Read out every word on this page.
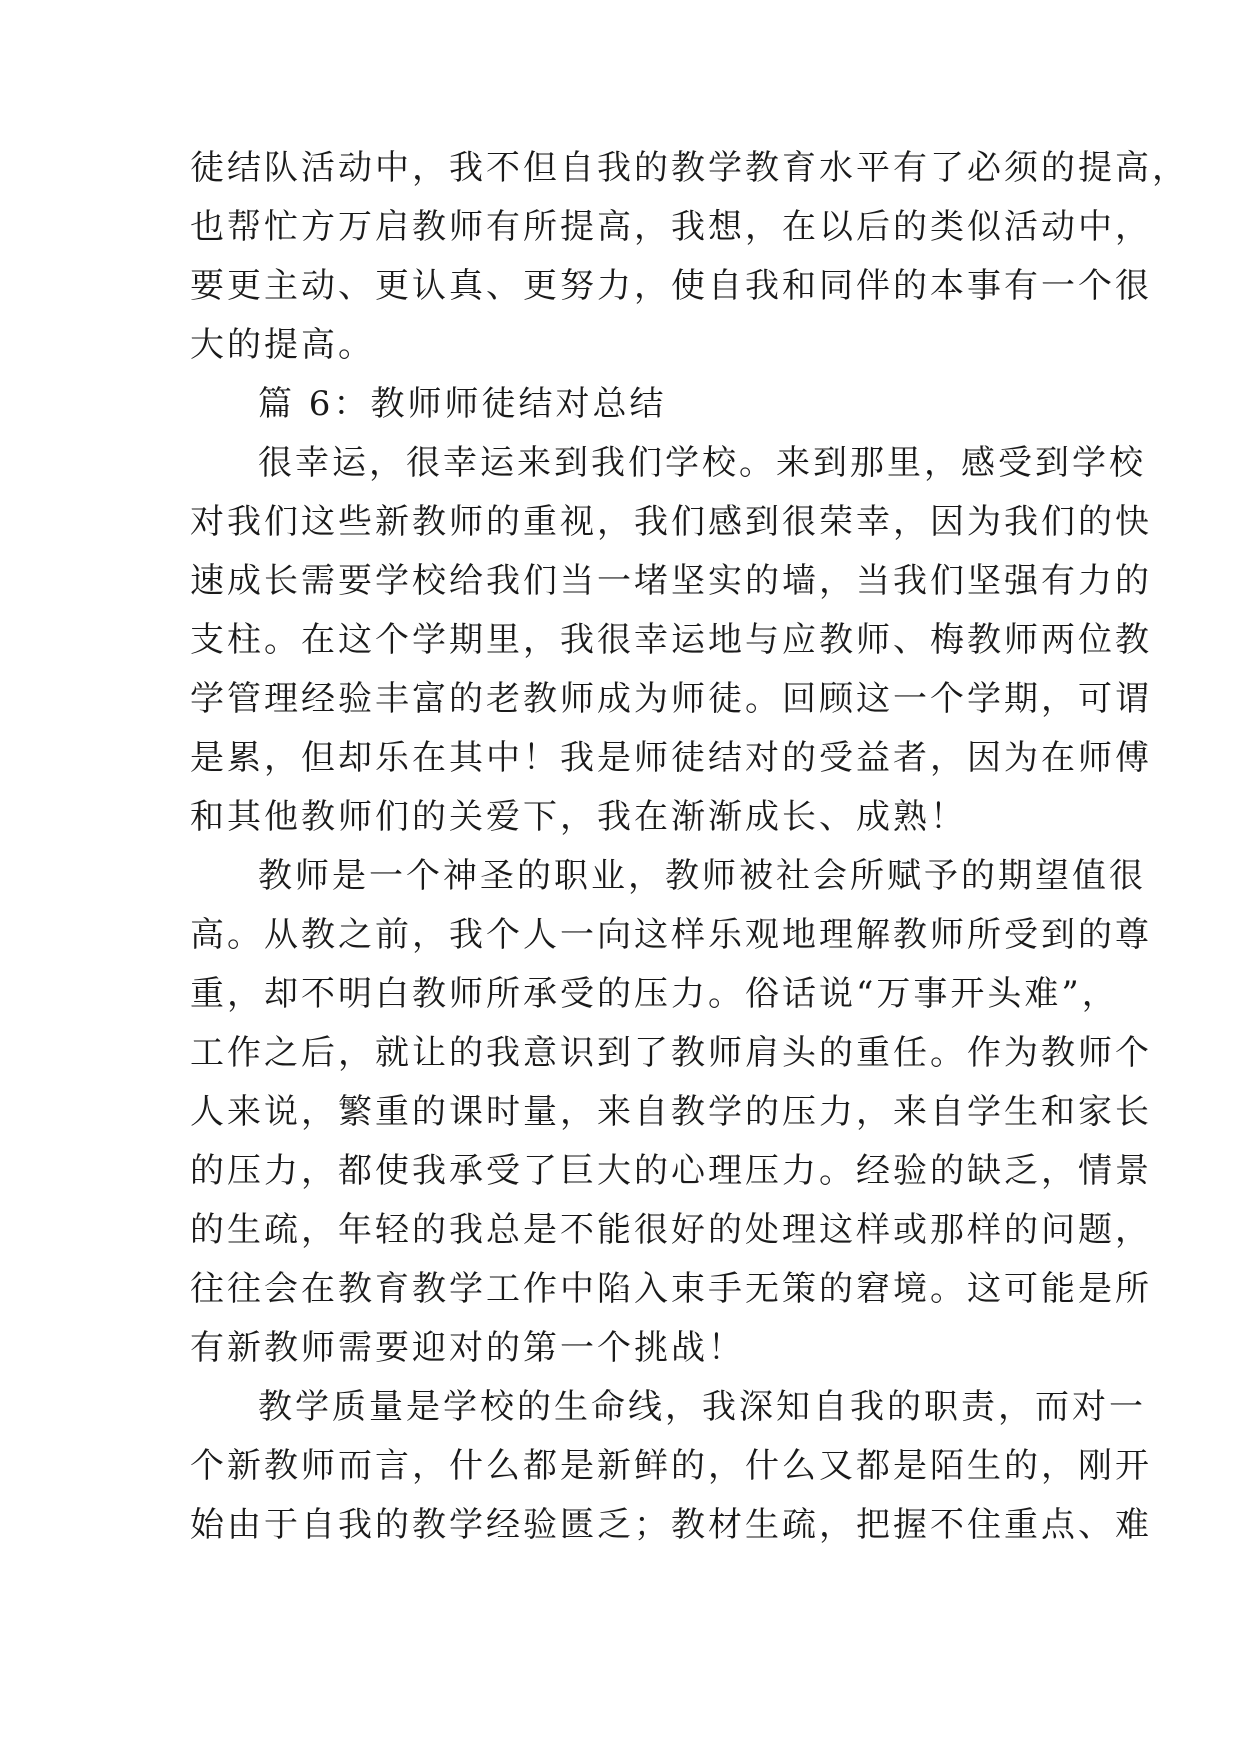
徒结队活动中，我不但自我的教学教育水平有了必须的提高，
也帮忙方万启教师有所提高，我想，在以后的类似活动中，
要更主动、更认真、更努力，使自我和同伴的本事有一个很
大的提高。
篇 6：教师师徒结对总结
很幸运，很幸运来到我们学校。来到那里，感受到学校
对我们这些新教师的重视，我们感到很荣幸，因为我们的快
速成长需要学校给我们当一堵坚实的墙，当我们坚强有力的
支柱。在这个学期里，我很幸运地与应教师、梅教师两位教
学管理经验丰富的老教师成为师徒。回顾这一个学期，可谓
是累，但却乐在其中！我是师徒结对的受益者，因为在师傅
和其他教师们的关爱下，我在渐渐成长、成熟！
教师是一个神圣的职业，教师被社会所赋予的期望值很
高。从教之前，我个人一向这样乐观地理解教师所受到的尊
重，却不明白教师所承受的压力。俗话说“万事开头难”，
工作之后，就让的我意识到了教师肩头的重任。作为教师个
人来说，繁重的课时量，来自教学的压力，来自学生和家长
的压力，都使我承受了巨大的心理压力。经验的缺乏，情景
的生疏，年轻的我总是不能很好的处理这样或那样的问题，
往往会在教育教学工作中陷入束手无策的窘境。这可能是所
有新教师需要迎对的第一个挑战！
教学质量是学校的生命线，我深知自我的职责，而对一
个新教师而言，什么都是新鲜的，什么又都是陌生的，刚开
始由于自我的教学经验匮乏；教材生疏，把握不住重点、难
